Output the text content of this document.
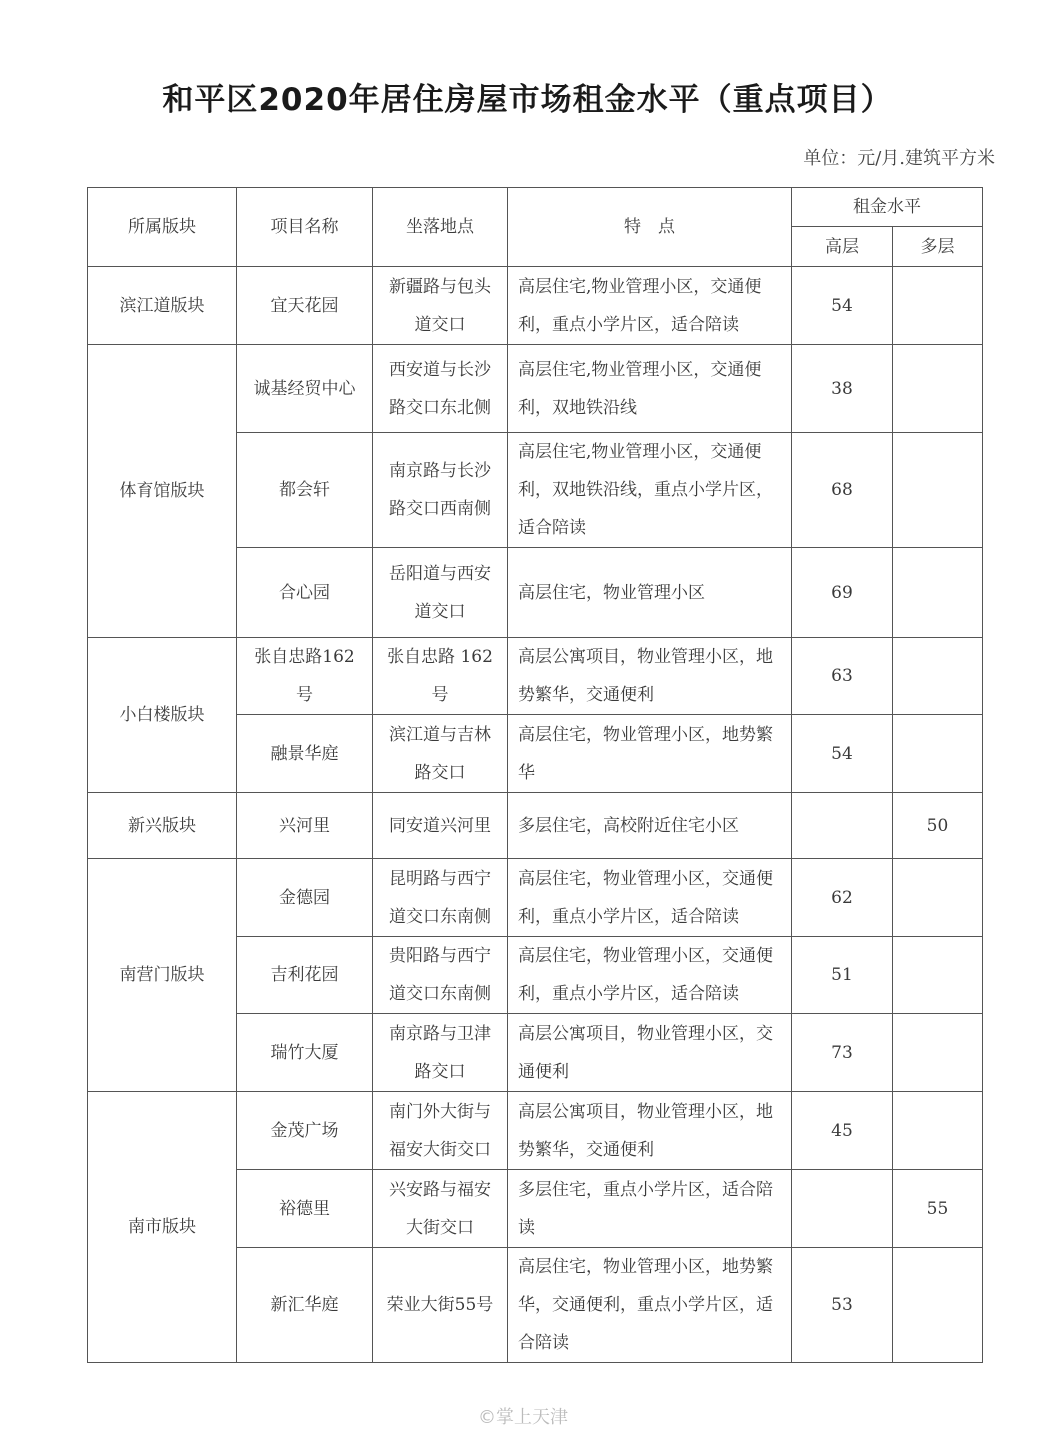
和平区2020年居住房屋市场租金水平（重点项目）
单位：元/月.建筑平方米
所属版块	项目名称	坐落地点	特　点	租金水平	
				高层	多层
滨江道版块	宜天花园	新疆路与包头道交口	高层住宅,物业管理小区，交通便利，重点小学片区，适合陪读	54	
体育馆版块	诚基经贸中心	西安道与长沙路交口东北侧	高层住宅,物业管理小区，交通便利，双地铁沿线	38	
	都会轩	南京路与长沙路交口西南侧	高层住宅,物业管理小区，交通便利，双地铁沿线，重点小学片区，适合陪读	68	
	合心园	岳阳道与西安道交口	高层住宅，物业管理小区	69	
小白楼版块	张自忠路162号	张自忠路 162号	高层公寓项目，物业管理小区，地势繁华，交通便利	63	
	融景华庭	滨江道与吉林路交口	高层住宅，物业管理小区，地势繁华	54	
新兴版块	兴河里	同安道兴河里	多层住宅，高校附近住宅小区		50
南营门版块	金德园	昆明路与西宁道交口东南侧	高层住宅，物业管理小区，交通便利，重点小学片区，适合陪读	62	
	吉利花园	贵阳路与西宁道交口东南侧	高层住宅，物业管理小区，交通便利，重点小学片区，适合陪读	51	
	瑞竹大厦	南京路与卫津路交口	高层公寓项目，物业管理小区，交通便利	73	
南市版块	金茂广场	南门外大街与福安大街交口	高层公寓项目，物业管理小区，地势繁华，交通便利	45	
	裕德里	兴安路与福安大街交口	多层住宅，重点小学片区，适合陪读		55
	新汇华庭	荣业大街55号	高层住宅，物业管理小区，地势繁华，交通便利，重点小学片区，适合陪读	53	
©掌上天津
